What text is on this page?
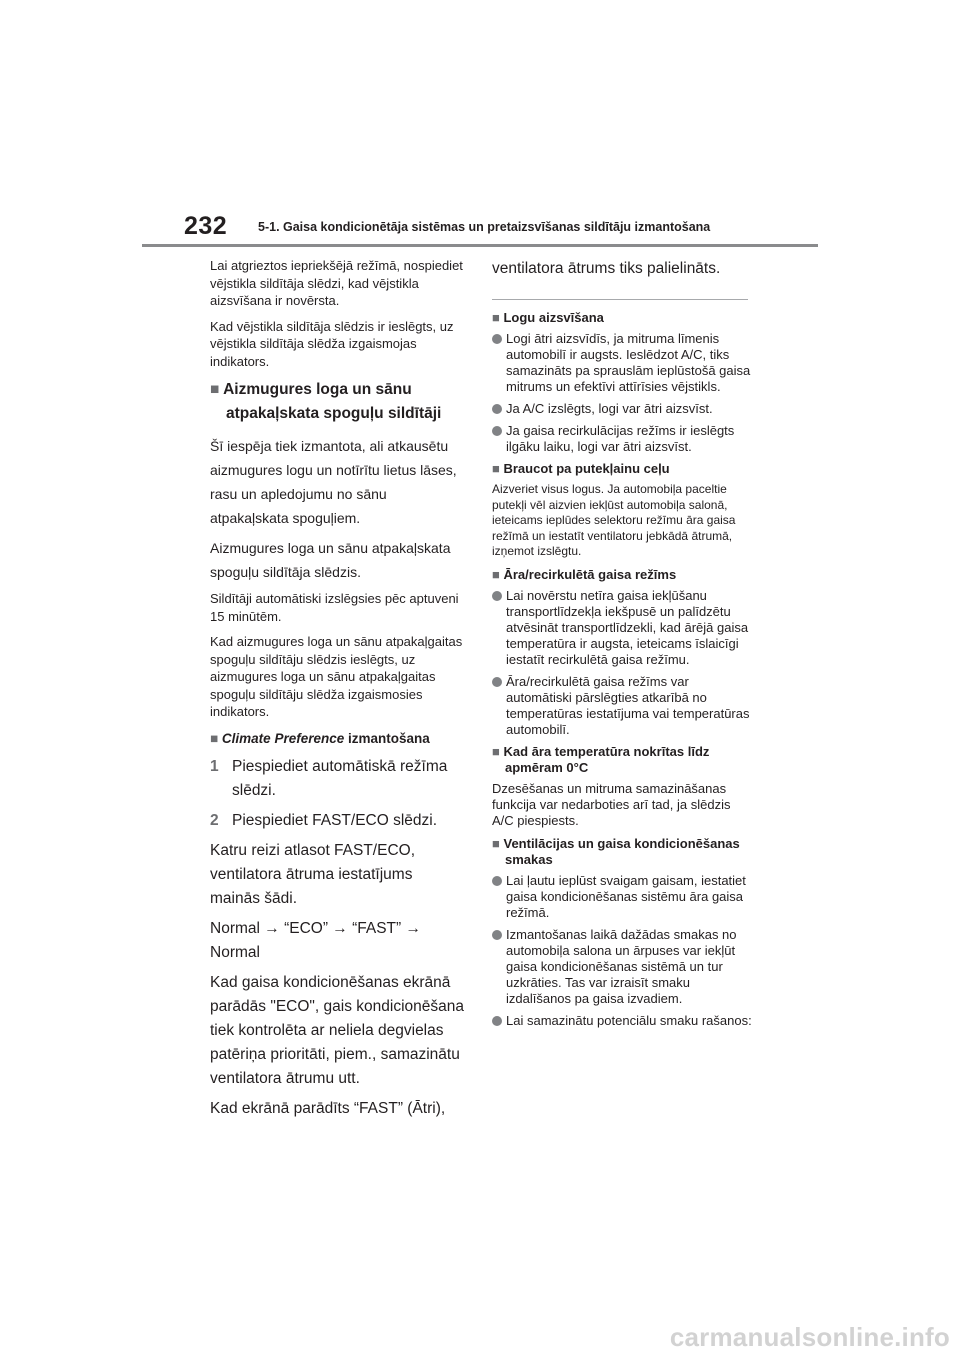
232 5-1. Gaisa kondicionētāja sistēmas un pretaizsvīšanas sildītāju izmantošana

Lai atgrieztos iepriekšējā režīmā, nospiediet vējstikla sildītāja slēdzi, kad vējstikla aizsvīšana ir novērsta.

Kad vējstikla sildītāja slēdzis ir ieslēgts, uz vējstikla sildītāja slēdža izgaismojas indikators.

■ Aizmugures loga un sānu atpakaļskata spoguļu sildītāji

Šī iespēja tiek izmantota, ali atkausētu aizmugures logu un notīrītu lietus lāses, rasu un apledojumu no sānu atpakaļskata spoguļiem.

Aizmugures loga un sānu atpakaļskata spoguļu sildītāja slēdzis.

Sildītāji automātiski izslēgsies pēc aptuveni 15 minūtēm.

Kad aizmugures loga un sānu atpakaļgaitas spoguļu sildītāju slēdzis ieslēgts, uz aizmugures loga un sānu atpakaļgaitas spoguļu sildītāju slēdža izgaismosies indikators.

■ Climate Preference izmantošana
1 Piespiediet automātiskā režīma slēdzi.
2 Piespiediet FAST/ECO slēdzi.

Katru reizi atlasot FAST/ECO, ventilatora ātruma iestatījums mainās šādi.

Normal → “ECO” → “FAST” → Normal

Kad gaisa kondicionēšanas ekrānā parādās "ECO", gais kondicionēšana tiek kontrolēta ar neliela degvielas patēriņa prioritāti, piem., samazinātu ventilatora ātrumu utt.

Kad ekrānā parādīts “FAST” (Ātri),

ventilatora ātrums tiks palielināts.

■ Logu aizsvīšana
Logi ātri aizsvīdīs, ja mitruma līmenis automobilī ir augsts. Ieslēdzot A/C, tiks samazināts pa sprauslām ieplūstošā gaisa mitrums un efektīvi attīrīsies vējstikls.
Ja A/C izslēgts, logi var ātri aizsvīst.
Ja gaisa recirkulācijas režīms ir ieslēgts ilgāku laiku, logi var ātri aizsvīst.
■ Braucot pa putekļainu ceļu

Aizveriet visus logus. Ja automobiļa paceltie putekļi vēl aizvien iekļūst automobiļa salonā, ieteicams ieplūdes selektoru režīmu āra gaisa režīmā un iestatīt ventilatoru jebkādā ātrumā, izņemot izslēgtu.

■ Āra/recirkulētā gaisa režīms
Lai novērstu netīra gaisa iekļūšanu transportlīdzekļa iekšpusē un palīdzētu atvēsināt transportlīdzekli, kad ārējā gaisa temperatūra ir augsta, ieteicams īslaicīgi iestatīt recirkulētā gaisa režīmu.
Āra/recirkulētā gaisa režīms var automātiski pārslēgties atkarībā no temperatūras iestatījuma vai temperatūras automobilī.
■ Kad āra temperatūra nokrītas līdz apmēram 0°C

Dzesēšanas un mitruma samazināšanas funkcija var nedarboties arī tad, ja slēdzis A/C piespiests.

■ Ventilācijas un gaisa kondicionēšanas smakas
Lai ļautu ieplūst svaigam gaisam, iestatiet gaisa kondicionēšanas sistēmu āra gaisa režīmā.
Izmantošanas laikā dažādas smakas no automobiļa salona un ārpuses var iekļūt gaisa kondicionēšanas sistēmā un tur uzkrāties. Tas var izraisīt smaku izdalīšanos pa gaisa izvadiem.
Lai samazinātu potenciālu smaku rašanos:
carmanualsonline.info
